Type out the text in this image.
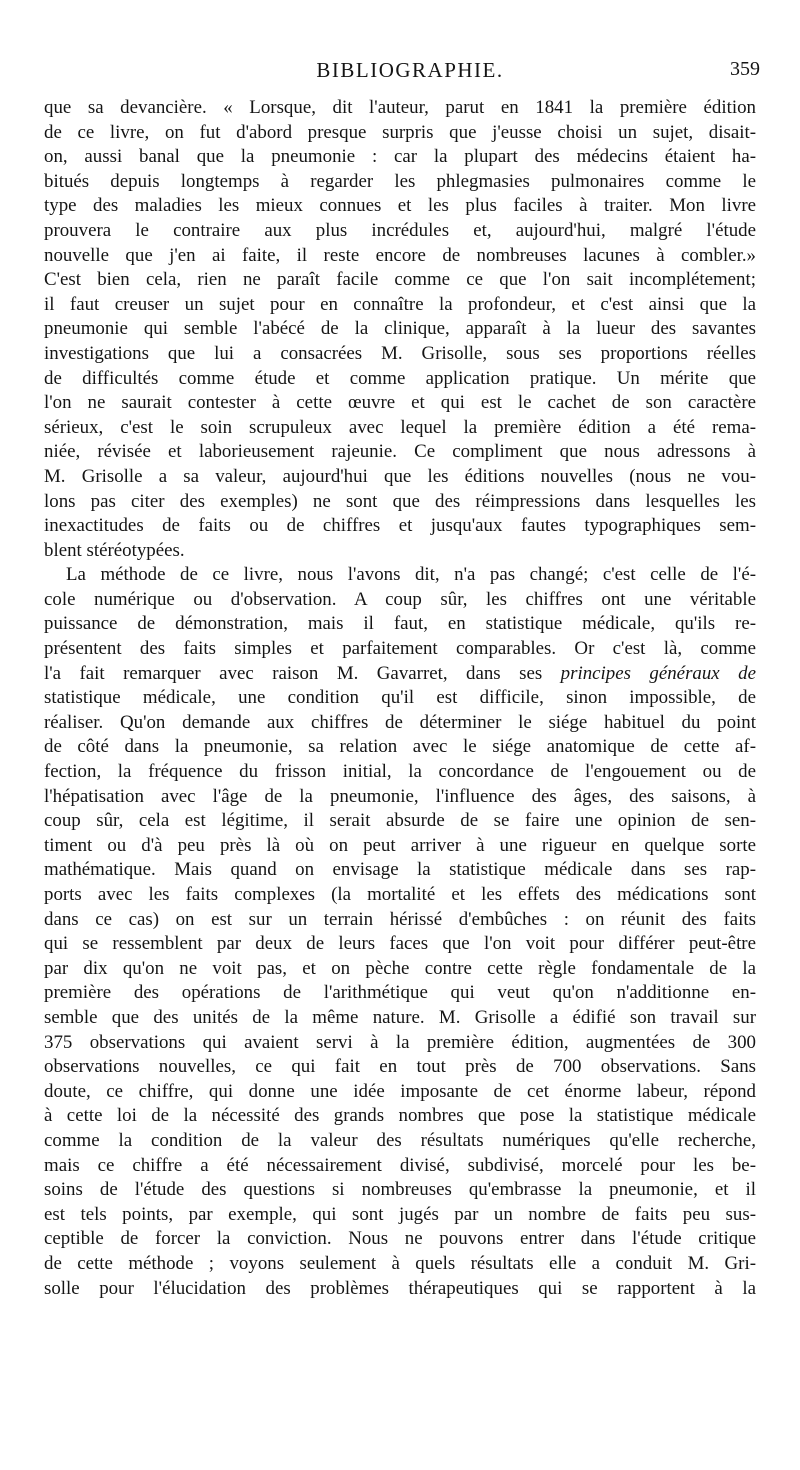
BIBLIOGRAPHIE.	359
que sa devancière. « Lorsque, dit l'auteur, parut en 1841 la première édition
de ce livre, on fut d'abord presque surpris que j'eusse choisi un sujet, disait-
on, aussi banal que la pneumonie : car la plupart des médecins étaient ha-
bitués depuis longtemps à regarder les phlegmasies pulmonaires comme le
type des maladies les mieux connues et les plus faciles à traiter. Mon livre
prouvera le contraire aux plus incrédules et, aujourd'hui, malgré l'étude
nouvelle que j'en ai faite, il reste encore de nombreuses lacunes à combler.»
C'est bien cela, rien ne paraît facile comme ce que l'on sait incomplétement;
il faut creuser un sujet pour en connaître la profondeur, et c'est ainsi que la
pneumonie qui semble l'abécé de la clinique, apparaît à la lueur des savantes
investigations que lui a consacrées M. Grisolle, sous ses proportions réelles
de difficultés comme étude et comme application pratique. Un mérite que
l'on ne saurait contester à cette œuvre et qui est le cachet de son caractère
sérieux, c'est le soin scrupuleux avec lequel la première édition a été rema-
niée, révisée et laborieusement rajeunie. Ce compliment que nous adressons à
M. Grisolle a sa valeur, aujourd'hui que les éditions nouvelles (nous ne vou-
lons pas citer des exemples) ne sont que des réimpressions dans lesquelles les
inexactitudes de faits ou de chiffres et jusqu'aux fautes typographiques sem-
blent stéréotypées.
La méthode de ce livre, nous l'avons dit, n'a pas changé; c'est celle de l'é-
cole numérique ou d'observation. A coup sûr, les chiffres ont une véritable
puissance de démonstration, mais il faut, en statistique médicale, qu'ils re-
présentent des faits simples et parfaitement comparables. Or c'est là, comme
l'a fait remarquer avec raison M. Gavarret, dans ses principes généraux de
statistique médicale, une condition qu'il est difficile, sinon impossible, de
réaliser. Qu'on demande aux chiffres de déterminer le siége habituel du point
de côté dans la pneumonie, sa relation avec le siége anatomique de cette af-
fection, la fréquence du frisson initial, la concordance de l'engouement ou de
l'hépatisation avec l'âge de la pneumonie, l'influence des âges, des saisons, à
coup sûr, cela est légitime, il serait absurde de se faire une opinion de sen-
timent ou d'à peu près là où on peut arriver à une rigueur en quelque sorte
mathématique. Mais quand on envisage la statistique médicale dans ses rap-
ports avec les faits complexes (la mortalité et les effets des médications sont
dans ce cas) on est sur un terrain hérissé d'embûches : on réunit des faits
qui se ressemblent par deux de leurs faces que l'on voit pour différer peut-être
par dix qu'on ne voit pas, et on pèche contre cette règle fondamentale de la
première des opérations de l'arithmétique qui veut qu'on n'additionne en-
semble que des unités de la même nature. M. Grisolle a édifié son travail sur
375 observations qui avaient servi à la première édition, augmentées de 300
observations nouvelles, ce qui fait en tout près de 700 observations. Sans
doute, ce chiffre, qui donne une idée imposante de cet énorme labeur, répond
à cette loi de la nécessité des grands nombres que pose la statistique médicale
comme la condition de la valeur des résultats numériques qu'elle recherche,
mais ce chiffre a été nécessairement divisé, subdivisé, morcelé pour les be-
soins de l'étude des questions si nombreuses qu'embrasse la pneumonie, et il
est tels points, par exemple, qui sont jugés par un nombre de faits peu sus-
ceptible de forcer la conviction. Nous ne pouvons entrer dans l'étude critique
de cette méthode ; voyons seulement à quels résultats elle a conduit M. Gri-
solle pour l'élucidation des problèmes thérapeutiques qui se rapportent à la
